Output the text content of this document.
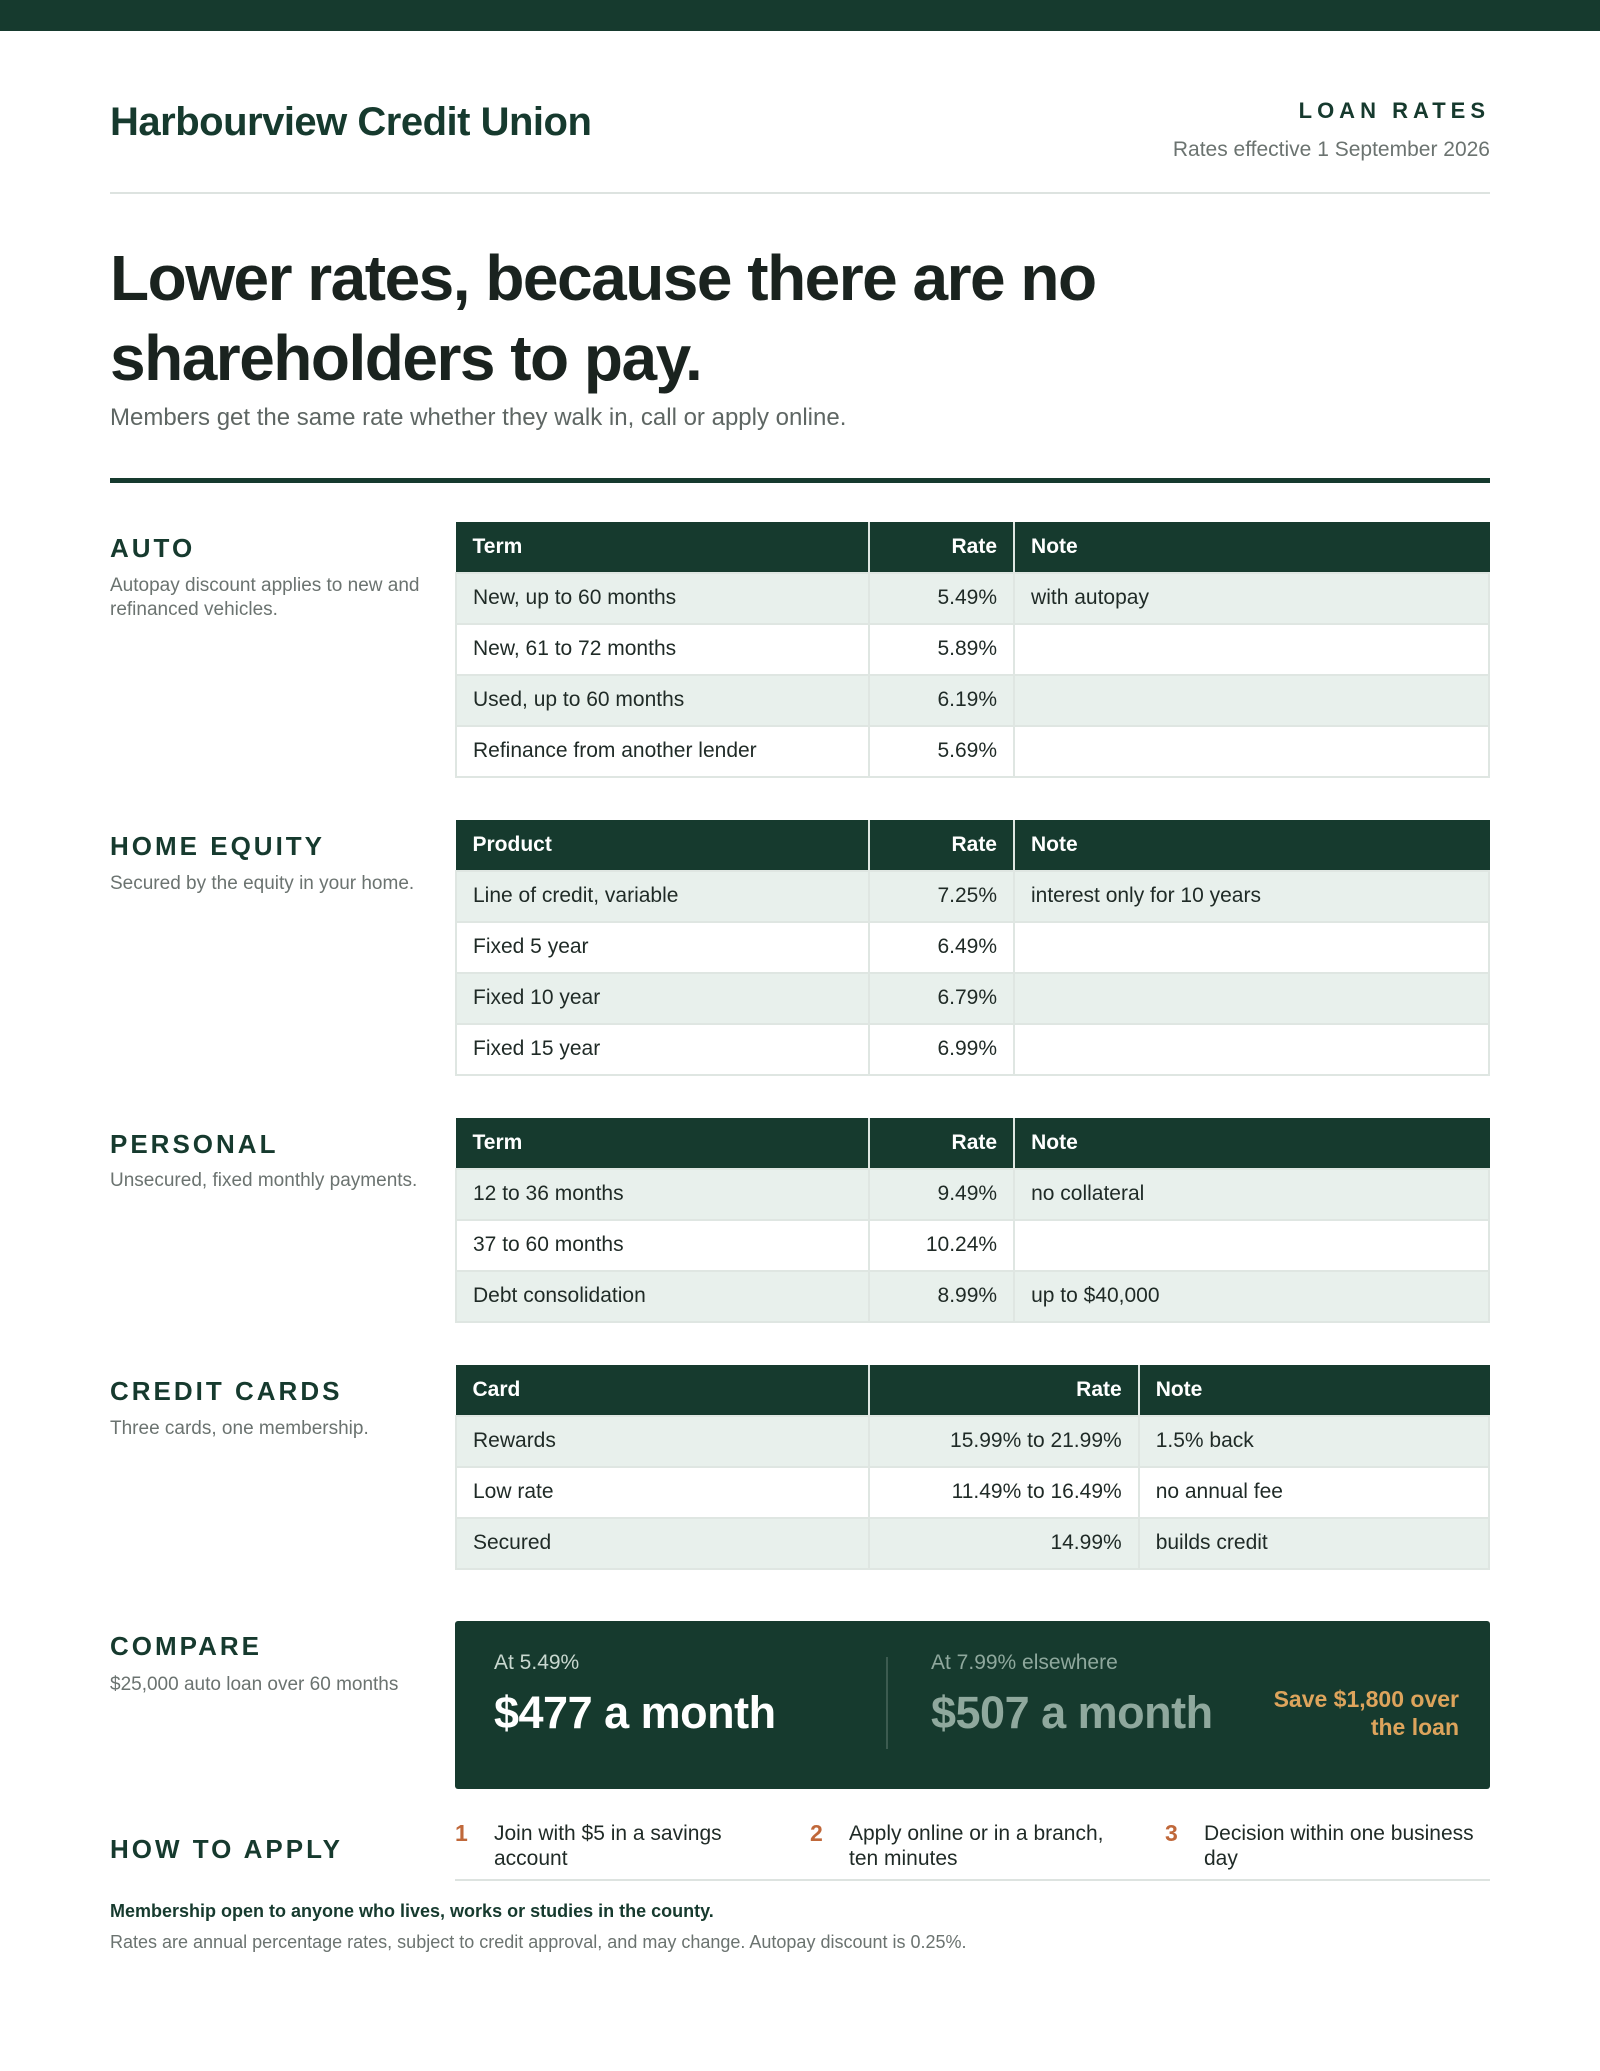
Harbourview Credit Union	LOAN RATES
Rates effective 1 September 2026
Lower rates, because there are no shareholders to pay.
Members get the same rate whether they walk in, call or apply online.
AUTO
Autopay discount applies to new and refinanced vehicles.
Term	Rate	Note
New, up to 60 months	5.49%	with autopay
New, 61 to 72 months	5.89%	
Used, up to 60 months	6.19%	
Refinance from another lender	5.69%	
HOME EQUITY
Secured by the equity in your home.
Product	Rate	Note
Line of credit, variable	7.25%	interest only for 10 years
Fixed 5 year	6.49%	
Fixed 10 year	6.79%	
Fixed 15 year	6.99%	
PERSONAL
Unsecured, fixed monthly payments.
Term	Rate	Note
12 to 36 months	9.49%	no collateral
37 to 60 months	10.24%	
Debt consolidation	8.99%	up to $40,000
CREDIT CARDS
Three cards, one membership.
Card	Rate	Note
Rewards	15.99% to 21.99%	1.5% back
Low rate	11.49% to 16.49%	no annual fee
Secured	14.99%	builds credit
COMPARE
$25,000 auto loan over 60 months
At 5.49%
$477 a month
At 7.99% elsewhere
$507 a month	Save $1,800 over the loan
HOW TO APPLY
1 Join with $5 in a savings account
2 Apply online or in a branch, ten minutes
3 Decision within one business day
Membership open to anyone who lives, works or studies in the county.
Rates are annual percentage rates, subject to credit approval, and may change. Autopay discount is 0.25%.
